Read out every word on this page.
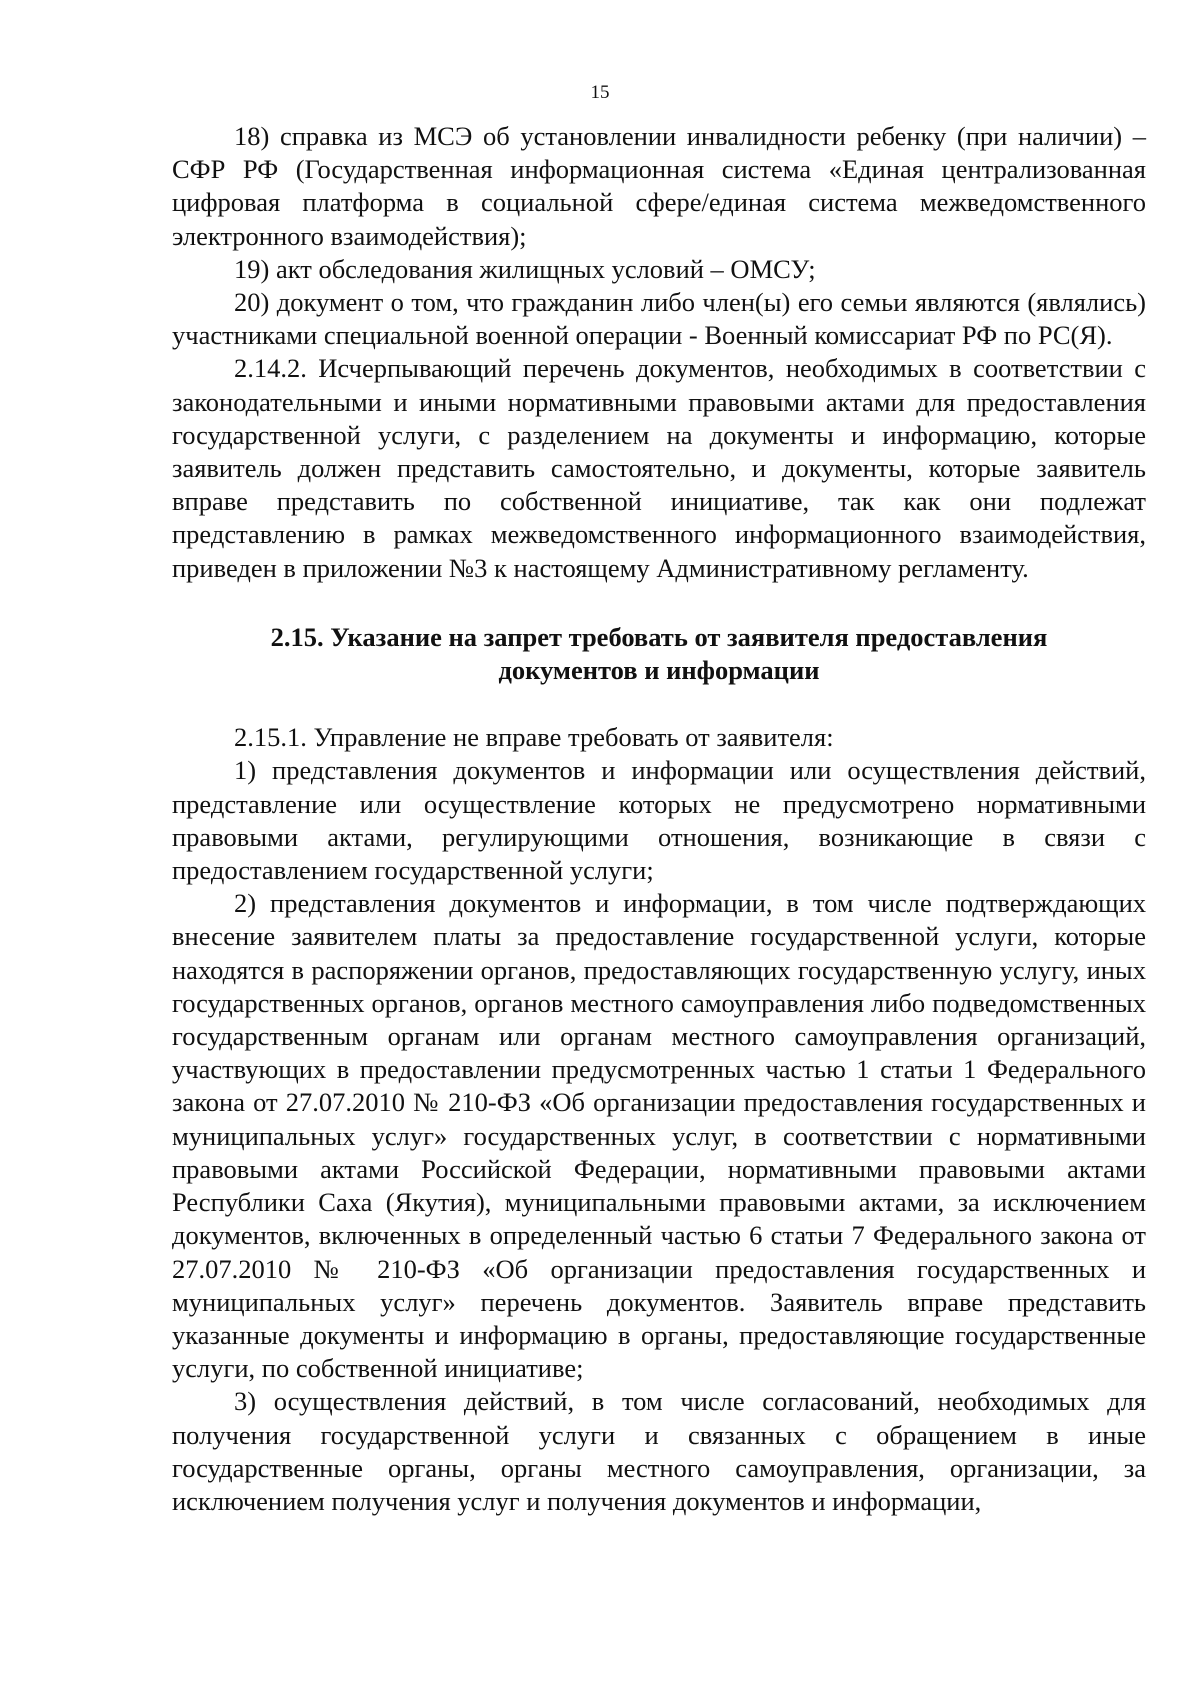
15

18) справка из МСЭ об установлении инвалидности ребенку (при наличии) – СФР РФ (Государственная информационная система «Единая централизованная цифровая платформа в социальной сфере/единая система межведомственного электронного взаимодействия);

19) акт обследования жилищных условий – ОМСУ;

20) документ о том, что гражданин либо член(ы) его семьи являются (являлись) участниками специальной военной операции - Военный комиссариат РФ по РС(Я).

2.14.2. Исчерпывающий перечень документов, необходимых в соответствии с законодательными и иными нормативными правовыми актами для предоставления государственной услуги, с разделением на документы и информацию, которые заявитель должен представить самостоятельно, и документы, которые заявитель вправе представить по собственной инициативе, так как они подлежат представлению в рамках межведомственного информационного взаимодействия, приведен в приложении №3 к настоящему Административному регламенту.

2.15. Указание на запрет требовать от заявителя предоставления
документов и информации

2.15.1. Управление не вправе требовать от заявителя:

1) представления документов и информации или осуществления действий, представление или осуществление которых не предусмотрено нормативными правовыми актами, регулирующими отношения, возникающие в связи с предоставлением государственной услуги;

2) представления документов и информации, в том числе подтверждающих внесение заявителем платы за предоставление государственной услуги, которые находятся в распоряжении органов, предоставляющих государственную услугу, иных государственных органов, органов местного самоуправления либо подведомственных государственным органам или органам местного самоуправления организаций, участвующих в предоставлении предусмотренных частью 1 статьи 1 Федерального закона от 27.07.2010 № 210-ФЗ «Об организации предоставления государственных и муниципальных услуг» государственных услуг, в соответствии с нормативными правовыми актами Российской Федерации, нормативными правовыми актами Республики Саха (Якутия), муниципальными правовыми актами, за исключением документов, включенных в определенный частью 6 статьи 7 Федерального закона от 27.07.2010 № 210-ФЗ «Об организации предоставления государственных и муниципальных услуг» перечень документов. Заявитель вправе представить указанные документы и информацию в органы, предоставляющие государственные услуги, по собственной инициативе;

3) осуществления действий, в том числе согласований, необходимых для получения государственной услуги и связанных с обращением в иные государственные органы, органы местного самоуправления, организации, за исключением получения услуг и получения документов и информации,
